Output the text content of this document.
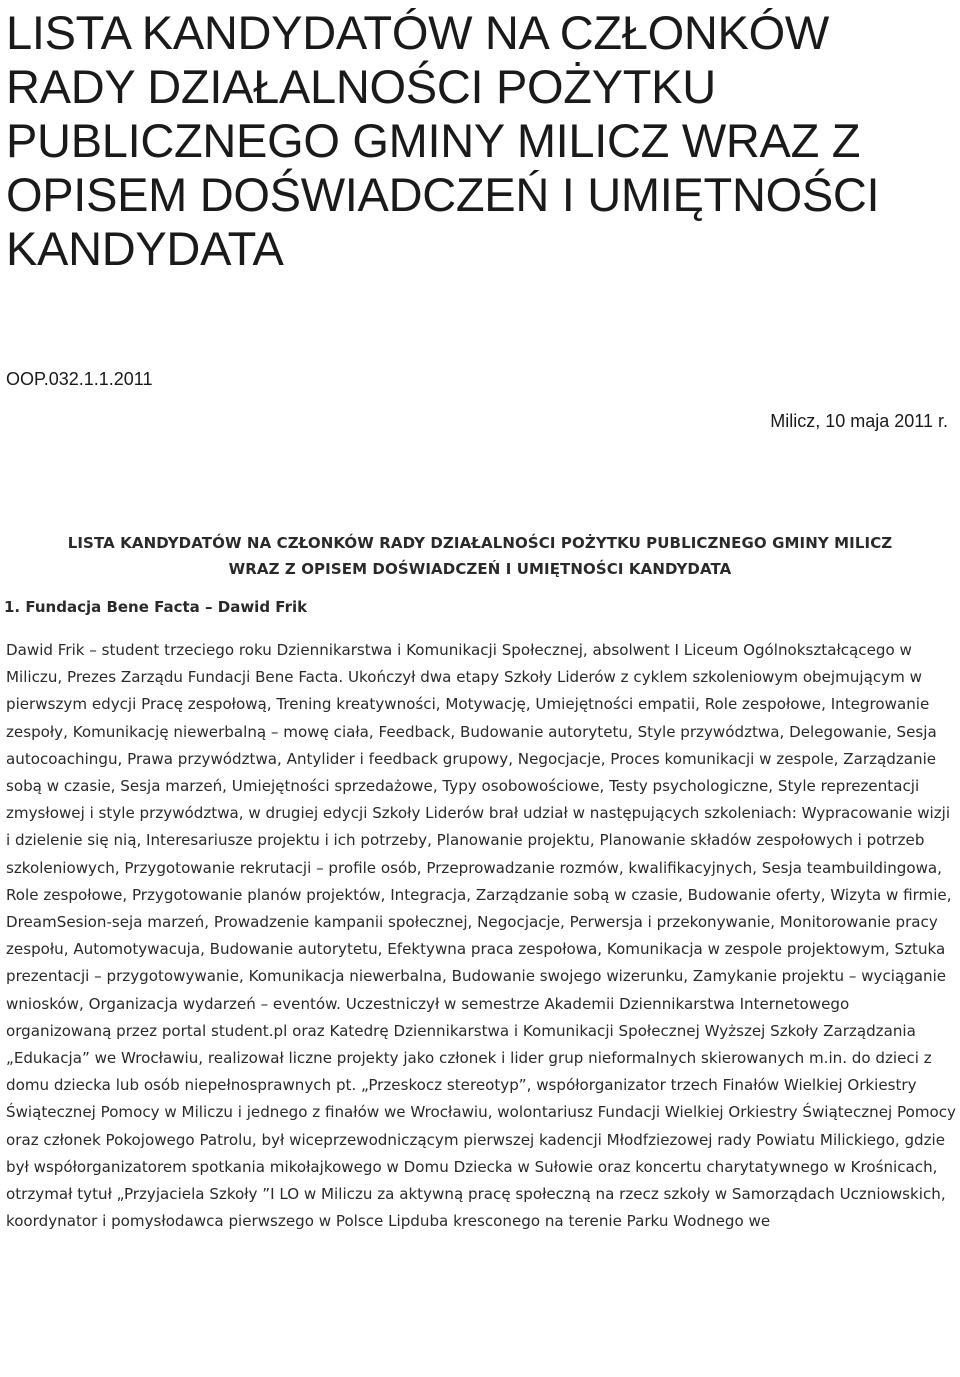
LISTA KANDYDATÓW NA CZŁONKÓW RADY DZIAŁALNOŚCI POŻYTKU PUBLICZNEGO GMINY MILICZ WRAZ Z OPISEM DOŚWIADCZEŃ I UMIĘTNOŚCI KANDYDATA
OOP.032.1.1.2011
Milicz, 10 maja 2011 r.
LISTA KANDYDATÓW NA CZŁONKÓW RADY DZIAŁALNOŚCI POŻYTKU PUBLICZNEGO GMINY MILICZ
WRAZ Z OPISEM DOŚWIADCZEŃ I UMIĘTNOŚCI KANDYDATA
1. Fundacja Bene Facta – Dawid Frik

Dawid Frik – student trzeciego roku Dziennikarstwa i Komunikacji Społecznej, absolwent I Liceum Ogólnokształcącego w Miliczu, Prezes Zarządu Fundacji Bene Facta. Ukończył dwa etapy Szkoły Liderów z cyklem szkoleniowym obejmującym w pierwszym edycji Pracę zespołową, Trening kreatywności, Motywację, Umiejętności empatii, Role zespołowe, Integrowanie zespoły, Komunikację niewerbalną – mowę ciała, Feedback, Budowanie autorytetu, Style przywództwa, Delegowanie, Sesja autocoachingu, Prawa przywództwa, Antylider i feedback grupowy, Negocjacje, Proces komunikacji w zespole, Zarządzanie sobą w czasie, Sesja marzeń, Umiejętności sprzedażowe, Typy osobowościowe, Testy psychologiczne, Style reprezentacji zmysłowej i style przywództwa, w drugiej edycji Szkoły Liderów brał udział w następujących szkoleniach: Wypracowanie wizji i dzielenie się nią, Interesariusze projektu i ich potrzeby, Planowanie projektu, Planowanie składów zespołowych i potrzeb szkoleniowych, Przygotowanie rekrutacji – profile osób, Przeprowadzanie rozmów, kwalifikacyjnych, Sesja teambuildingowa, Role zespołowe, Przygotowanie planów projektów, Integracja, Zarządzanie sobą w czasie, Budowanie oferty, Wizyta w firmie, DreamSesion-seja marzeń, Prowadzenie kampanii społecznej, Negocjacje, Perwersja i przekonywanie, Monitorowanie pracy zespołu, Automotywacuja, Budowanie autorytetu, Efektywna praca zespołowa, Komunikacja w zespole projektowym, Sztuka prezentacji – przygotowywanie, Komunikacja niewerbalna, Budowanie swojego wizerunku, Zamykanie projektu – wyciąganie wniosków, Organizacja wydarzeń – eventów. Uczestniczył w semestrze Akademii Dziennikarstwa Internetowego organizowaną przez portal student.pl oraz Katedrę Dziennikarstwa i Komunikacji Społecznej Wyższej Szkoły Zarządzania „Edukacja” we Wrocławiu, realizował liczne projekty jako członek i lider grup nieformalnych skierowanych m.in. do dzieci z domu dziecka lub osób niepełnosprawnych pt. „Przeskocz stereotyp”, współorganizator trzech Finałów Wielkiej Orkiestry Świątecznej Pomocy w Miliczu i jednego z finałów we Wrocławiu, wolontariusz Fundacji Wielkiej Orkiestry Świątecznej Pomocy oraz członek Pokojowego Patrolu, był wiceprzewodniczącym pierwszej kadencji Młodfziezowej rady Powiatu Milickiego, gdzie był współorganizatorem spotkania mikołajkowego w Domu Dziecka w Sułowie oraz koncertu charytatywnego w Krośnicach, otrzymał tytuł „Przyjaciela Szkoły ”I LO w Miliczu za aktywną pracę społeczną na rzecz szkoły w Samorządach Uczniowskich, koordynator i pomysłodawca pierwszego w Polsce Lipduba kresconego na terenie Parku Wodnego we
